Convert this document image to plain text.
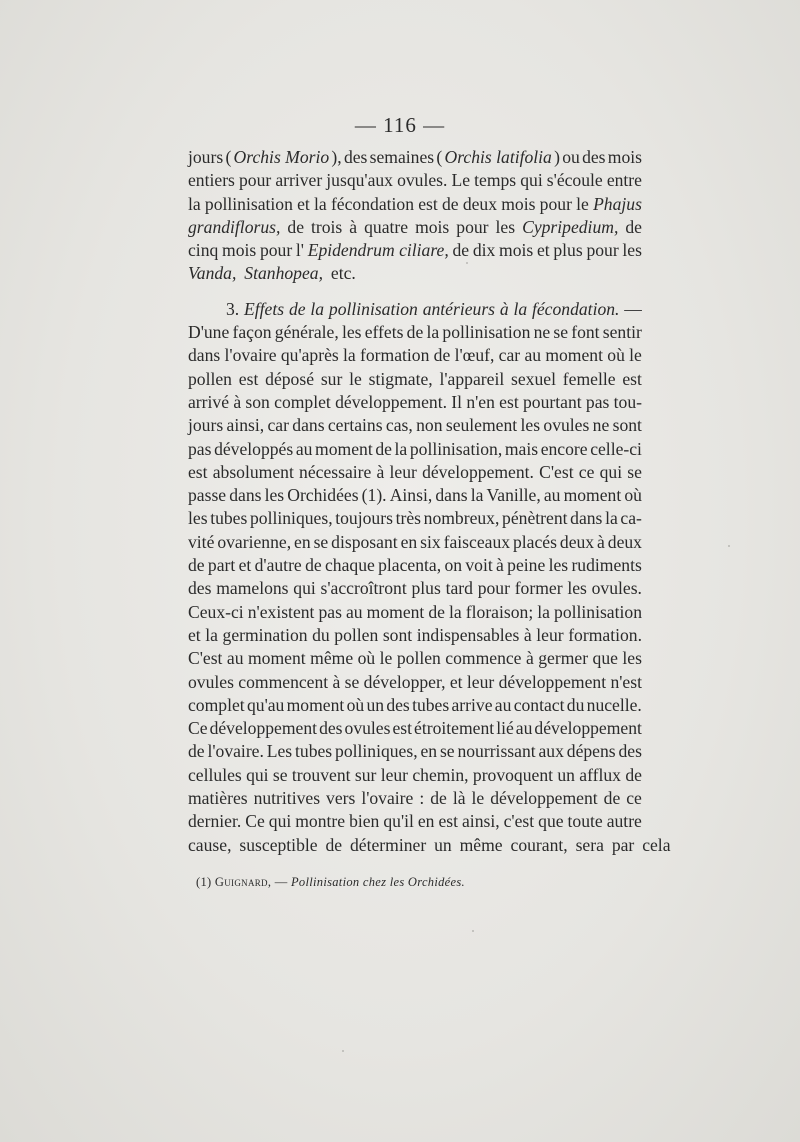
— 116 —
jours ( Orchis Morio ), des semaines ( Orchis latifolia ) ou des mois
entiers pour arriver jusqu'aux ovules. Le temps qui s'écoule entre
la pollinisation et la fécondation est de deux mois pour le Phajus
grandiflorus, de trois à quatre mois pour les Cypripedium, de
cinq mois pour l' Epidendrum ciliare, de dix mois et plus pour les
Vanda, Stanhopea, etc.
3. Effets de la pollinisation antérieurs à la fécondation. —
D'une façon générale, les effets de la pollinisation ne se font sentir
dans l'ovaire qu'après la formation de l'œuf, car au moment où le
pollen est déposé sur le stigmate, l'appareil sexuel femelle est
arrivé à son complet développement. Il n'en est pourtant pas tou-
jours ainsi, car dans certains cas, non seulement les ovules ne sont
pas développés au moment de la pollinisation, mais encore celle-ci
est absolument nécessaire à leur développement. C'est ce qui se
passe dans les Orchidées (1). Ainsi, dans la Vanille, au moment où
les tubes polliniques, toujours très nombreux, pénètrent dans la ca-
vité ovarienne, en se disposant en six faisceaux placés deux à deux
de part et d'autre de chaque placenta, on voit à peine les rudiments
des mamelons qui s'accroîtront plus tard pour former les ovules.
Ceux-ci n'existent pas au moment de la floraison; la pollinisation
et la germination du pollen sont indispensables à leur formation.
C'est au moment même où le pollen commence à germer que les
ovules commencent à se développer, et leur développement n'est
complet qu'au moment où un des tubes arrive au contact du nucelle.
Ce développement des ovules est étroitement lié au développement
de l'ovaire. Les tubes polliniques, en se nourrissant aux dépens des
cellules qui se trouvent sur leur chemin, provoquent un afflux de
matières nutritives vers l'ovaire : de là le développement de ce
dernier. Ce qui montre bien qu'il en est ainsi, c'est que toute autre
cause, susceptible de déterminer un même courant, sera par cela
(1) Guignard, — Pollinisation chez les Orchidées.
